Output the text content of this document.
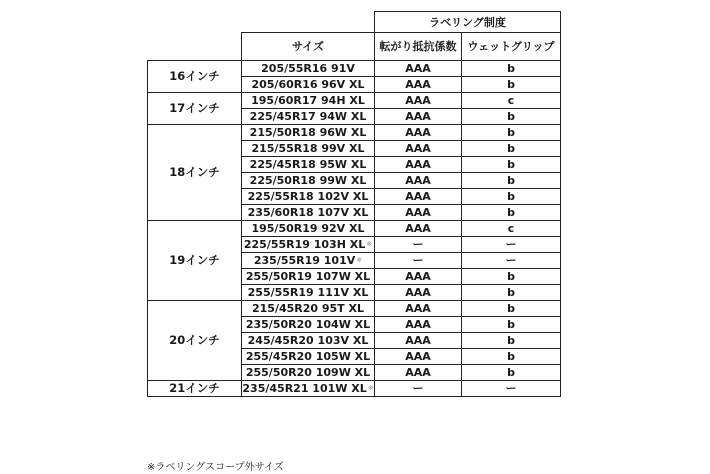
		ラベリング制度	
	サイズ	転がり抵抗係数	ウェットグリップ
16インチ	205/55R16 91V	AAA	b
	205/60R16 96V XL	AAA	b
17インチ	195/60R17 94H XL	AAA	c
	225/45R17 94W XL	AAA	b
18インチ	215/50R18 96W XL	AAA	b
	215/55R18 99V XL	AAA	b
	225/45R18 95W XL	AAA	b
	225/50R18 99W XL	AAA	b
	225/55R18 102V XL	AAA	b
	235/60R18 107V XL	AAA	b
19インチ	195/50R19 92V XL	AAA	c
	225/55R19 103H XL※	ー	ー
	235/55R19 101V※	ー	ー
	255/50R19 107W XL	AAA	b
	255/55R19 111V XL	AAA	b
20インチ	215/45R20 95T XL	AAA	b
	235/50R20 104W XL	AAA	b
	245/45R20 103V XL	AAA	b
	255/45R20 105W XL	AAA	b
	255/50R20 109W XL	AAA	b
21インチ	235/45R21 101W XL※	ー	ー
※ラベリングスコープ外サイズ
